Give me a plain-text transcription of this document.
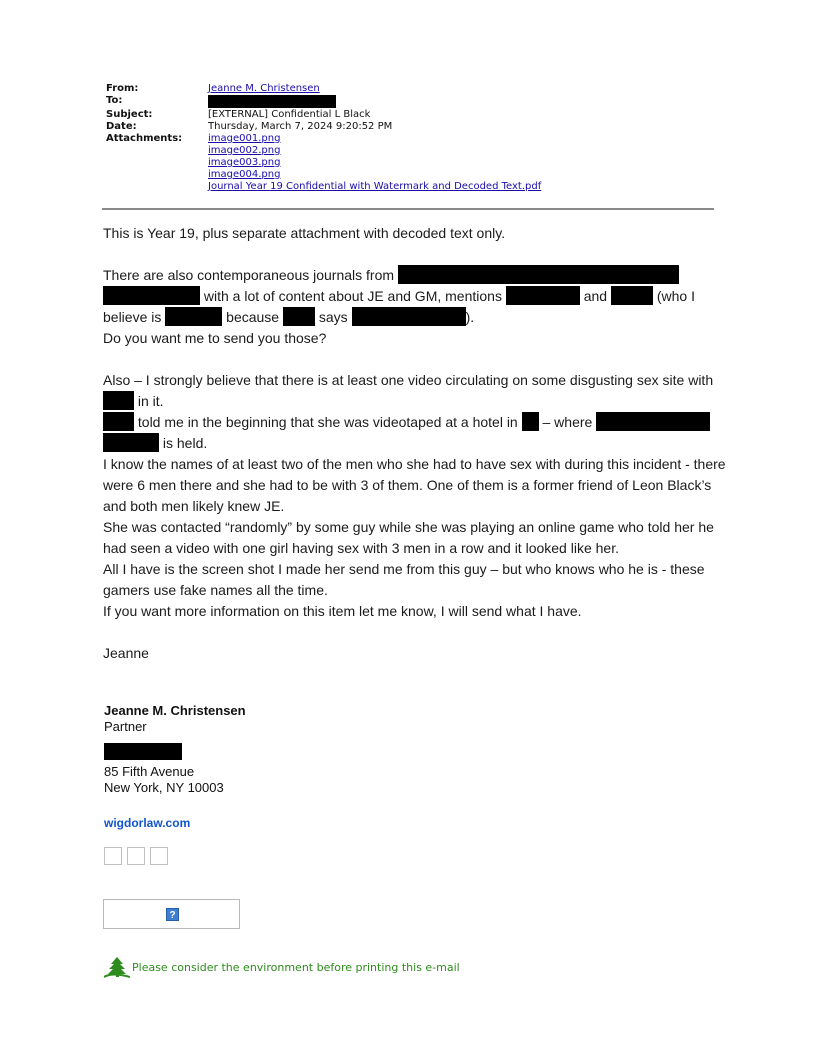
From:	Jeanne M. Christensen
To:
Subject:	[EXTERNAL] Confidential L Black
Date:	Thursday, March 7, 2024 9:20:52 PM
Attachments:	image001.png
image002.png
image003.png
image004.png
Journal Year 19 Confidential with Watermark and Decoded Text.pdf

This is Year 19, plus separate attachment with decoded text only.

There are also contemporaneous journals from

with a lot of content about JE and GM, mentions	and	(who I

believe is	because	says	).

Do you want me to send you those?

Also – I strongly believe that there is at least one video circulating on some disgusting sex site with

in it.

told me in the beginning that she was videotaped at a hotel in – where

is held.

I know the names of at least two of the men who she had to have sex with during this incident - there

were 6 men there and she had to be with 3 of them. One of them is a former friend of Leon Black’s

and both men likely knew JE.

She was contacted “randomly” by some guy while she was playing an online game who told her he

had seen a video with one girl having sex with 3 men in a row and it looked like her.

All I have is the screen shot I made her send me from this guy – but who knows who he is - these

gamers use fake names all the time.

If you want more information on this item let me know, I will send what I have.

Jeanne

Jeanne M. Christensen
Partner
85 Fifth Avenue
New York, NY 10003
wigdorlaw.com
?
Please consider the environment before printing this e-mail
